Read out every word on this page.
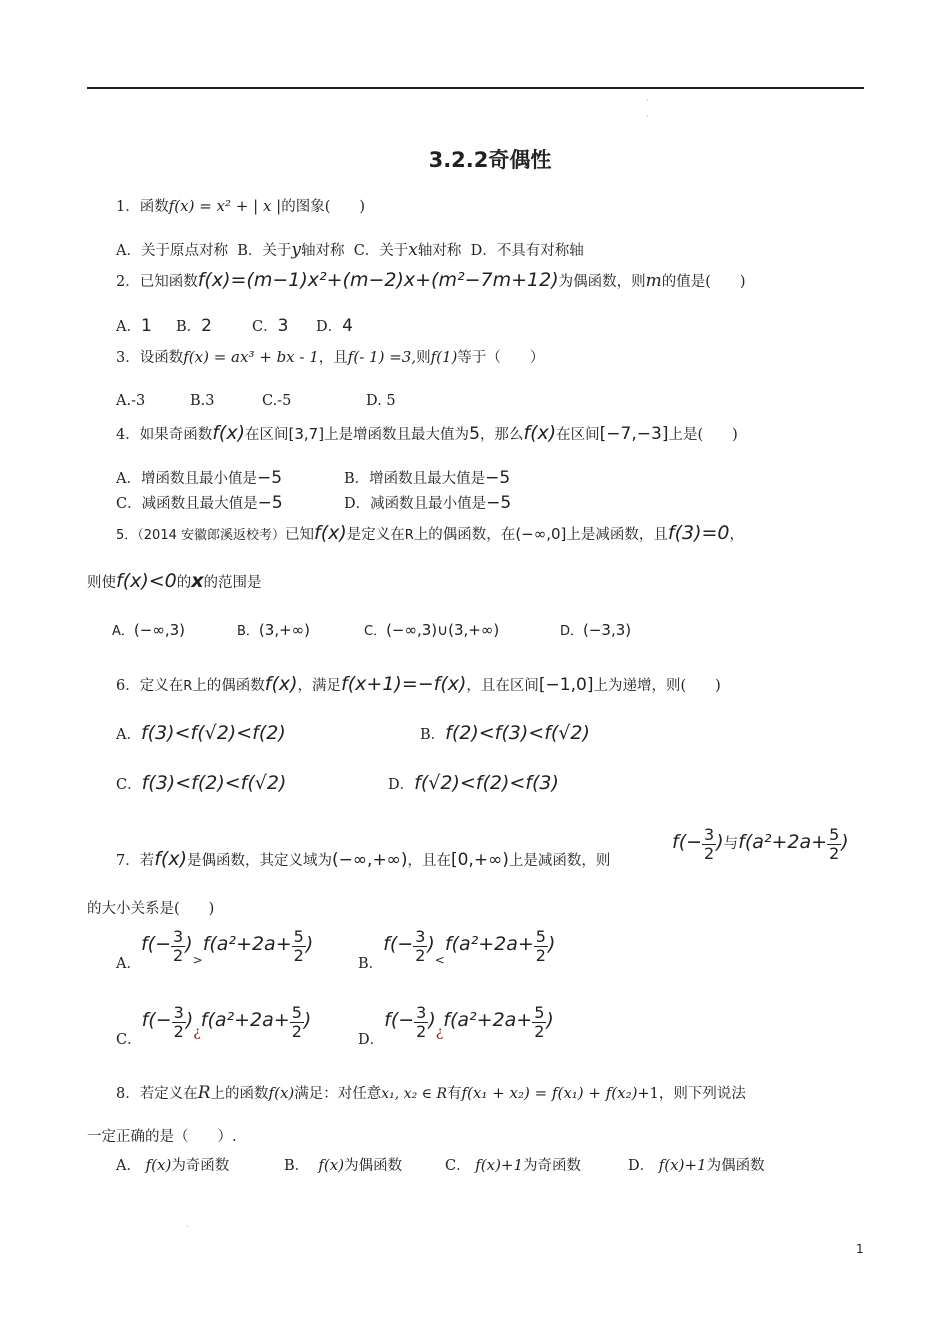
·
·
3.2.2奇偶性
1．函数f(x) = x² + | x |的图象(　　)
A．关于原点对称 B．关于y轴对称 C．关于x轴对称 D．不具有对称轴
2．已知函数f(x)=(m−1)x²+(m−2)x+(m²−7m+12)为偶函数，则m的值是(　　)
A．1 B．2	C．3 D．4
3．设函数f(x) = ax³ + bx - 1，且f(- 1) =3,则f(1)等于（　　）
A.-3	B.3	C.-5	D. 5
4．如果奇函数f(x)在区间[3,7]上是增函数且最大值为5，那么f(x)在区间[−7,−3]上是(　　)
A．增函数且最小值是−5	B．增函数且最大值是−5
C．减函数且最大值是−5	D．减函数且最小值是−5
5．（2014 安徽郎溪返校考）已知f(x)是定义在R上的偶函数，在(−∞,0]上是减函数，且f(3)=0，
则使f(x)<0的x的范围是
A．(−∞,3)	B．(3,+∞)	C．(−∞,3)∪(3,+∞)	D．(−3,3)
6．定义在R上的偶函数f(x)，满足f(x+1)=−f(x)，且在区间[−1,0]上为递增，则(　　)
A．f(3)<f(√2)<f(2)	B．f(2)<f(3)<f(√2)
C．f(3)<f(2)<f(√2)	D．f(√2)<f(2)<f(3)
7．若f(x)是偶函数，其定义域为(−∞,+∞)，且在[0,+∞)上是减函数，则
$f(- \frac{3}{2}$ )与$f(a^2+2a+ \frac{5}{2}$ )
的大小关系是(　　)
A．$f(- \frac{3}{2} )_>f(a^2+2a+ \frac{5}{2}$ )
B．$f(- \frac{3}{2} )_<f(a^2+2a+ \frac{5}{2}$ )
C．$f(- \frac{3}{2}$ )¿f(a²+2a+ $\frac{5}{2}$ )
D．$f(- \frac{3}{2}$ )¿f(a²+2a+ $\frac{5}{2}$ )
8．若定义在R上的函数f(x)满足：对任意x₁, x₂ ∈ R有f(x₁ + x₂) = f(x₁) + f(x₂)+1，则下列说法
一定正确的是（　　）.
A． f(x)为奇函数	B． f(x)为偶函数	C． f(x)+1为奇函数	D． f(x)+1为偶函数
·
1
